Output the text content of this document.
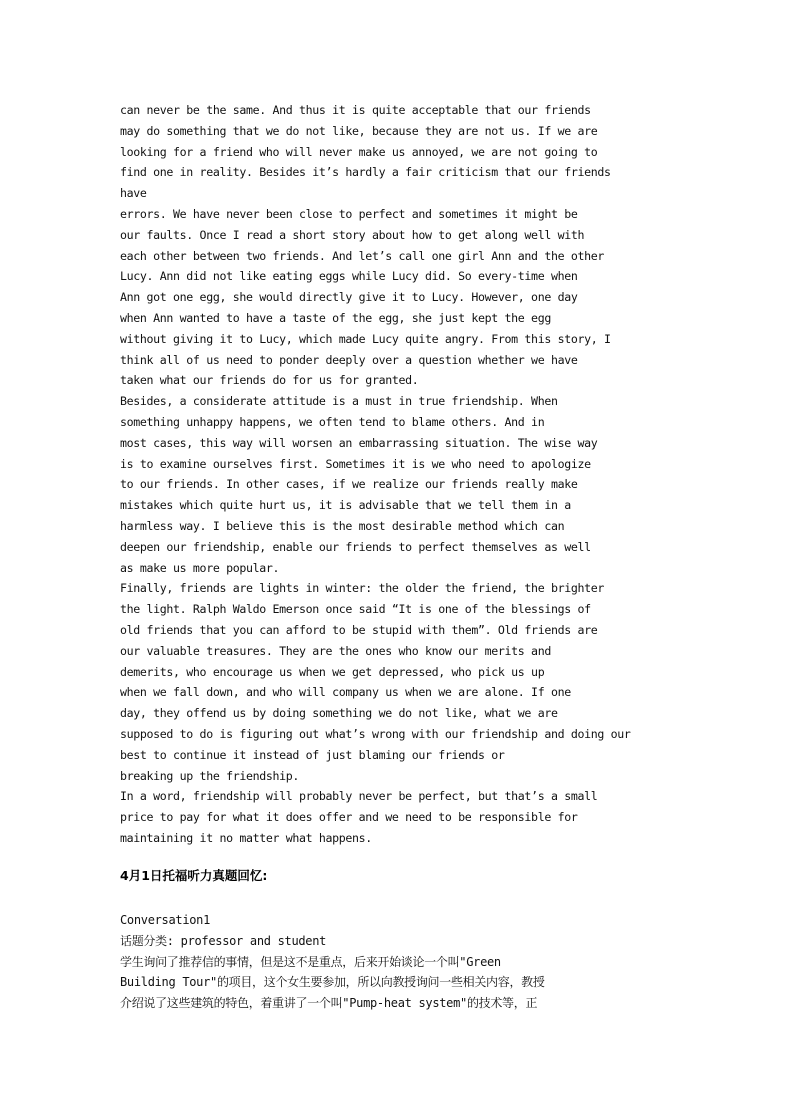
can never be the same. And thus it is quite acceptable that our friends
may do something that we do not like, because they are not us. If we are
looking for a friend who will never make us annoyed, we are not going to
find one in reality. Besides it’s hardly a fair criticism that our friends
have
errors. We have never been close to perfect and sometimes it might be
our faults. Once I read a short story about how to get along well with
each other between two friends. And let’s call one girl Ann and the other
Lucy. Ann did not like eating eggs while Lucy did. So every-time when
Ann got one egg, she would directly give it to Lucy. However, one day
when Ann wanted to have a taste of the egg, she just kept the egg
without giving it to Lucy, which made Lucy quite angry. From this story, I
think all of us need to ponder deeply over a question whether we have
taken what our friends do for us for granted.
Besides, a considerate attitude is a must in true friendship. When
something unhappy happens, we often tend to blame others. And in
most cases, this way will worsen an embarrassing situation. The wise way
is to examine ourselves first. Sometimes it is we who need to apologize
to our friends. In other cases, if we realize our friends really make
mistakes which quite hurt us, it is advisable that we tell them in a
harmless way. I believe this is the most desirable method which can
deepen our friendship, enable our friends to perfect themselves as well
as make us more popular.
Finally, friends are lights in winter: the older the friend, the brighter
the light. Ralph Waldo Emerson once said “It is one of the blessings of
old friends that you can afford to be stupid with them”. Old friends are
our valuable treasures. They are the ones who know our merits and
demerits, who encourage us when we get depressed, who pick us up
when we fall down, and who will company us when we are alone. If one
day, they offend us by doing something we do not like, what we are
supposed to do is figuring out what’s wrong with our friendship and doing our
best to continue it instead of just blaming our friends or
breaking up the friendship.
In a word, friendship will probably never be perfect, but that’s a small
price to pay for what it does offer and we need to be responsible for
maintaining it no matter what happens.
4月1日托福听力真题回忆:
Conversation1
话题分类: professor and student
学生询问了推荐信的事情，但是这不是重点，后来开始谈论一个叫"Green
Building Tour"的项目，这个女生要参加，所以向教授询问一些相关内容，教授
介绍说了这些建筑的特色，着重讲了一个叫"Pump-heat system"的技术等，正
